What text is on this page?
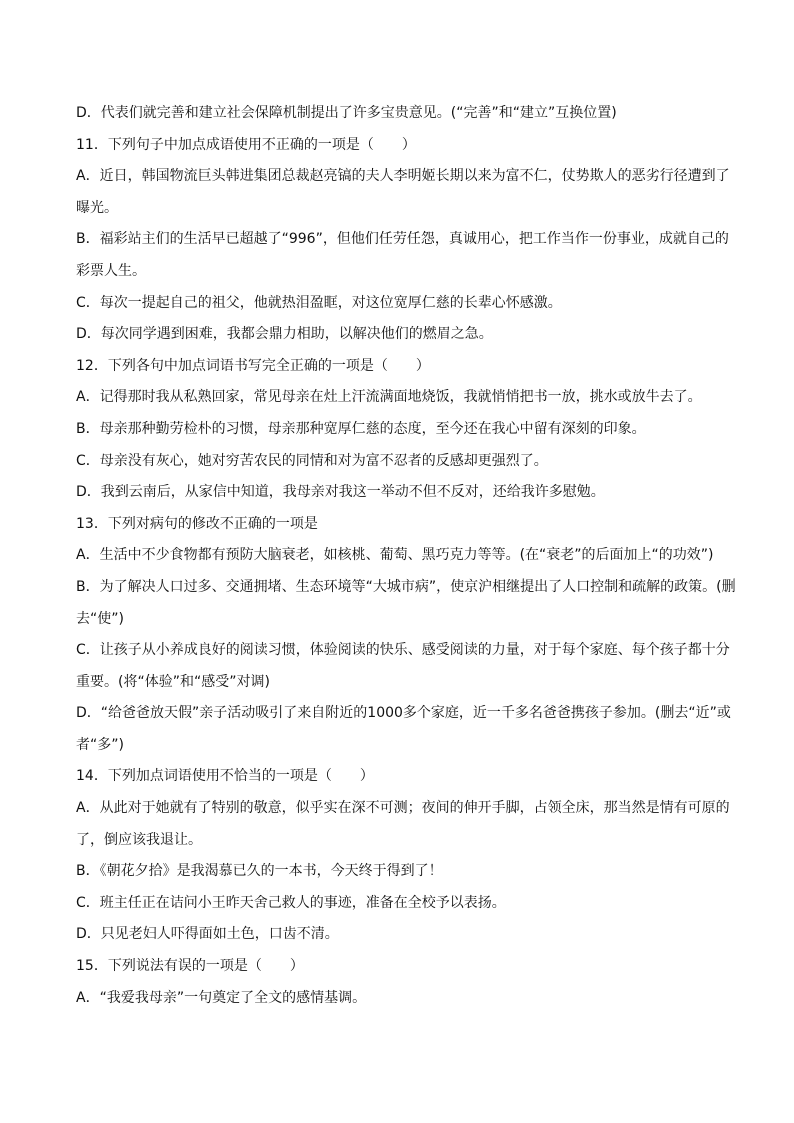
D．代表们就完善和建立社会保障机制提出了许多宝贵意见。(“完善”和“建立”互换位置)
11．下列句子中加点成语使用不正确的一项是（　　）
A．近日，韩国物流巨头韩进集团总裁赵亮镐的夫人李明姬长期以来为富不仁，仗势欺人的恶劣行径遭到了
曝光。
B．福彩站主们的生活早已超越了“996”，但他们任劳任怨，真诚用心，把工作当作一份事业，成就自己的
彩票人生。
C．每次一提起自己的祖父，他就热泪盈眶，对这位宽厚仁慈的长辈心怀感激。
D．每次同学遇到困难，我都会鼎力相助，以解决他们的燃眉之急。
12．下列各句中加点词语书写完全正确的一项是（　　）
A．记得那时我从私熟回家，常见母亲在灶上汗流满面地烧饭，我就悄悄把书一放，挑水或放牛去了。
B．母亲那种勤劳检朴的习惯，母亲那种宽厚仁慈的态度，至今还在我心中留有深刻的印象。
C．母亲没有灰心，她对穷苦农民的同情和对为富不忍者的反感却更强烈了。
D．我到云南后，从家信中知道，我母亲对我这一举动不但不反对，还给我许多慰勉。
13．下列对病句的修改不正确的一项是
A．生活中不少食物都有预防大脑衰老，如核桃、葡萄、黑巧克力等等。(在“衰老”的后面加上“的功效”)
B．为了解决人口过多、交通拥堵、生态环境等“大城市病”，使京沪相继提出了人口控制和疏解的政策。(删
去“使”)
C．让孩子从小养成良好的阅读习惯，体验阅读的快乐、感受阅读的力量，对于每个家庭、每个孩子都十分
重要。(将“体验”和“感受”对调)
D．“给爸爸放天假”亲子活动吸引了来自附近的1000多个家庭，近一千多名爸爸携孩子参加。(删去“近”或
者“多”)
14．下列加点词语使用不恰当的一项是（　　）
A．从此对于她就有了特别的敬意，似乎实在深不可测；夜间的伸开手脚，占领全床，那当然是情有可原的
了，倒应该我退让。
B．《朝花夕拾》是我渴慕已久的一本书，今天终于得到了！
C．班主任正在诘问小王昨天舍己救人的事迹，准备在全校予以表扬。
D．只见老妇人吓得面如土色，口齿不清。
15．下列说法有误的一项是（　　）
A．“我爱我母亲”一句奠定了全文的感情基调。
